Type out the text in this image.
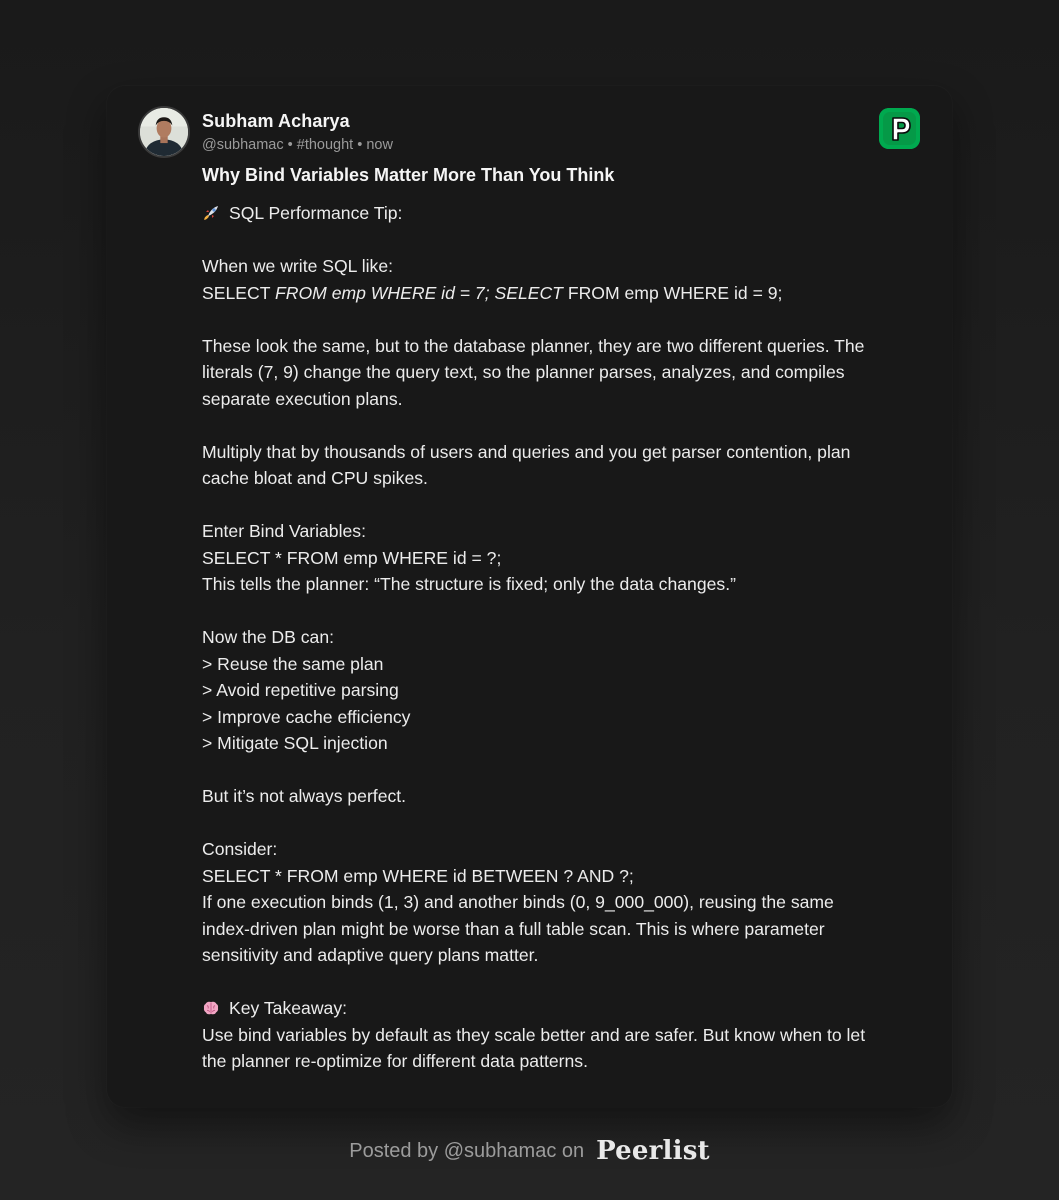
Subham Acharya
@subhamac • #thought • now
Why Bind Variables Matter More Than You Think
SQL Performance Tip:
When we write SQL like:
SELECT FROM emp WHERE id = 7; SELECT FROM emp WHERE id = 9;
These look the same, but to the database planner, they are two different queries. The
literals (7, 9) change the query text, so the planner parses, analyzes, and compiles
separate execution plans.
Multiply that by thousands of users and queries and you get parser contention, plan
cache bloat and CPU spikes.
Enter Bind Variables:
SELECT * FROM emp WHERE id = ?;
This tells the planner: “The structure is fixed; only the data changes.”
Now the DB can:
> Reuse the same plan
> Avoid repetitive parsing
> Improve cache efficiency
> Mitigate SQL injection
But it’s not always perfect.
Consider:
SELECT * FROM emp WHERE id BETWEEN ? AND ?;
If one execution binds (1, 3) and another binds (0, 9_000_000), reusing the same
index-driven plan might be worse than a full table scan. This is where parameter
sensitivity and adaptive query plans matter.
Key Takeaway:
Use bind variables by default as they scale better and are safer. But know when to let
the planner re-optimize for different data patterns.
Posted by @subhamac on Peerlist
